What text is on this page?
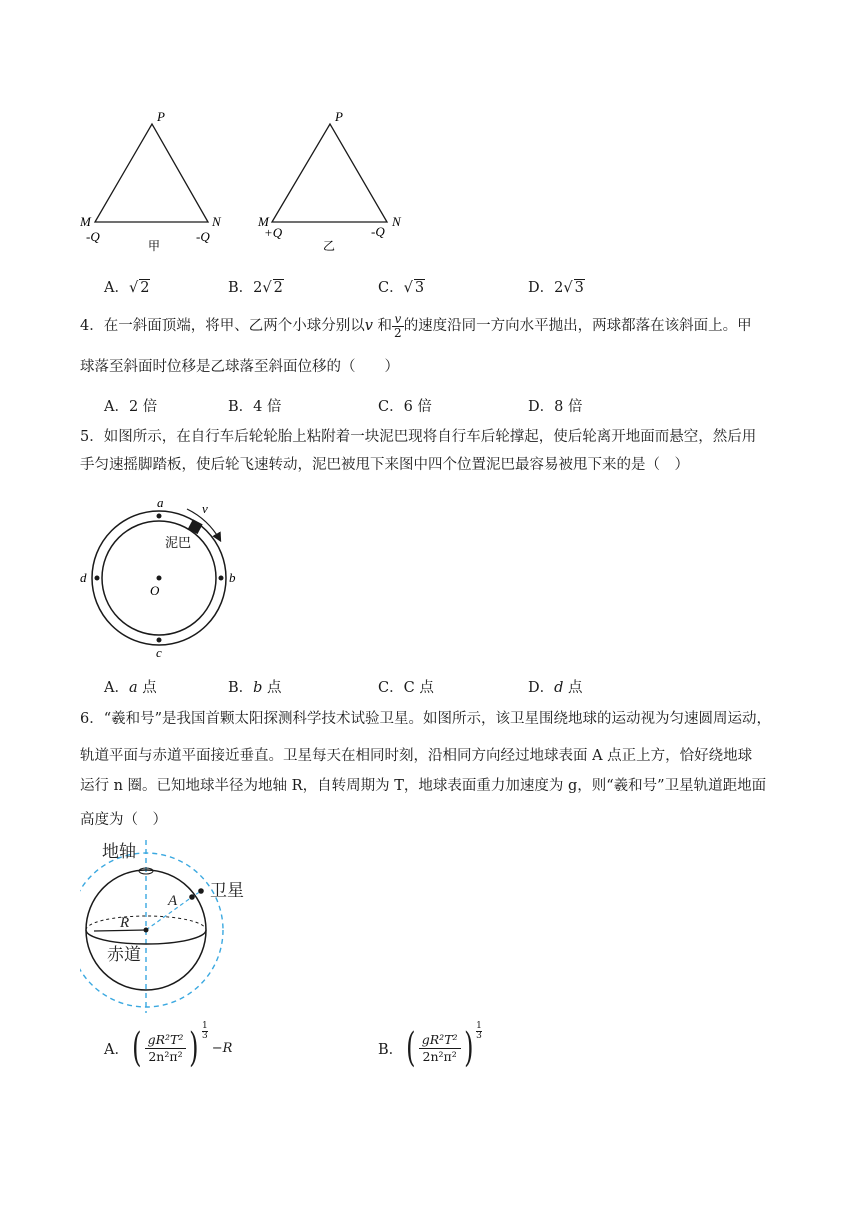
P
M	N
-Q	-Q
甲
P
M	N
+Q	-Q
乙
A．√ 2	B．2√ 2	C．√ 3	D．2√ 3
4．在一斜面顶端，将甲、乙两个小球分别以v 和 $\frac{v}{2}$ 的速度沿同一方向水平抛出，两球都落在该斜面上。甲
球落至斜面时位移是乙球落至斜面位移的（　　）
A．2 倍	B．4 倍	C．6 倍	D．8 倍
5．如图所示，在自行车后轮轮胎上粘附着一块泥巴现将自行车后轮撑起，使后轮离开地面而悬空，然后用
手匀速摇脚踏板，使后轮飞速转动，泥巴被甩下来图中四个位置泥巴最容易被甩下来的是（　）
a	v
泥巴
d	b
O
c
A．a 点	B．b 点	C．C 点	D．d 点
6．“羲和号”是我国首颗太阳探测科学技术试验卫星。如图所示，该卫星围绕地球的运动视为匀速圆周运动，
轨道平面与赤道平面接近垂直。卫星每天在相同时刻，沿相同方向经过地球表面 A 点正上方，恰好绕地球
运行 n 圈。已知地球半径为地轴 R，自转周期为 T，地球表面重力加速度为 g，则“羲和号”卫星轨道距地面
高度为（　）
地轴
卫星
A
R
赤道
A． ( gR²T²
2n²π² ) 1
3
−R	B． ( gR²T²
2n²π² ) 1
3
